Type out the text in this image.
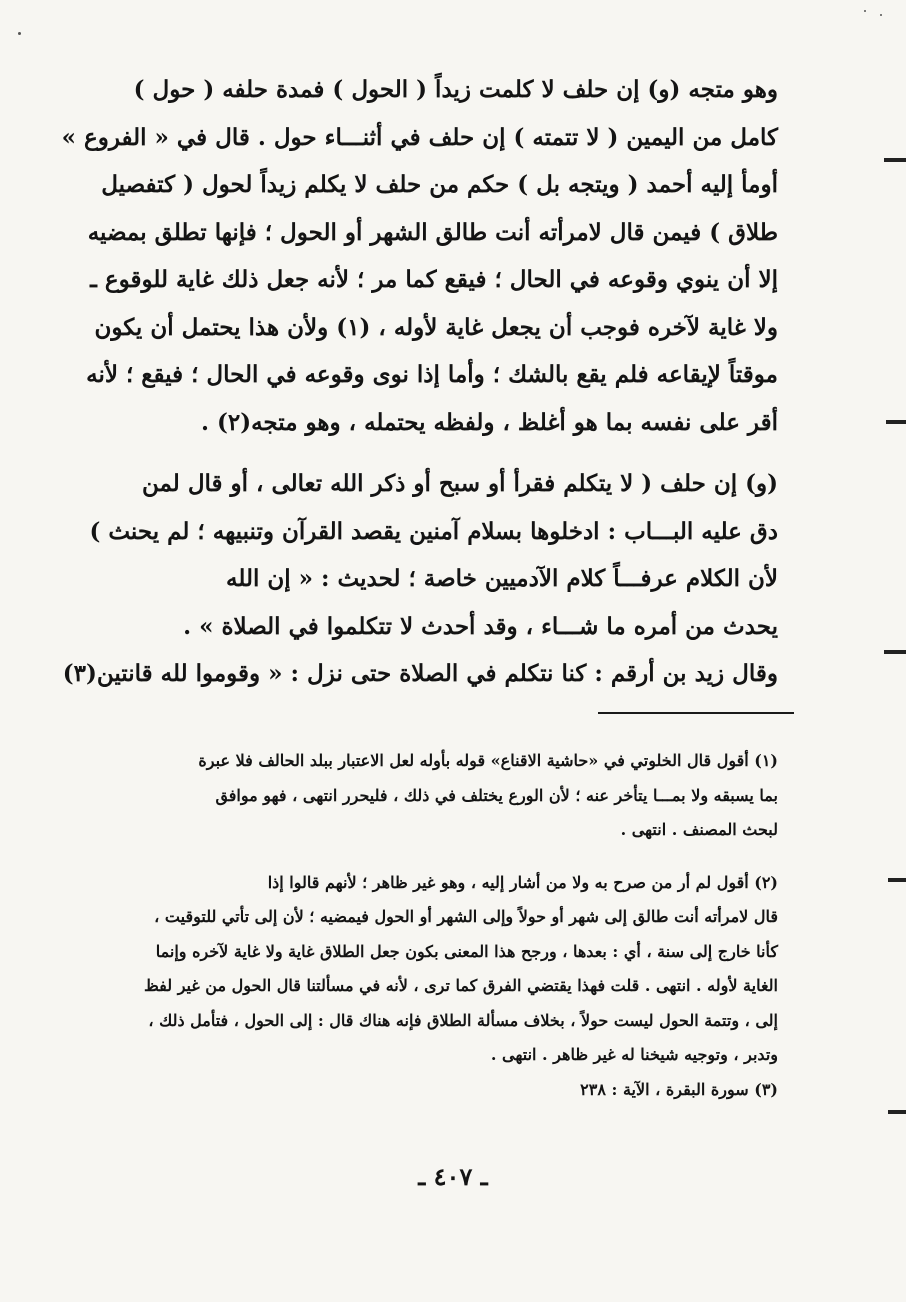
وهو متجه (و) إن حلف لا كلمت زيداً ( الحول ) فمدة حلفه ( حول )
كامل من اليمين ( لا تتمته ) إن حلف في أثنـــاء حول . قال في « الفروع »
أومأ إليه أحمد ( ويتجه بل ) حكم من حلف لا يكلم زيداً لحول ( كتفصيل
طلاق ) فيمن قال لامرأته أنت طالق الشهر أو الحول ؛ فإنها تطلق بمضيه
إلا أن ينوي وقوعه في الحال ؛ فيقع كما مر ؛ لأنه جعل ذلك غاية للوقوع ـ
ولا غاية لآخره فوجب أن يجعل غاية لأوله ، (١) ولأن هذا يحتمل أن يكون
موقتاً لإيقاعه فلم يقع بالشك ؛ وأما إذا نوى وقوعه في الحال ؛ فيقع ؛ لأنه
أقر على نفسه بما هو أغلظ ، ولفظه يحتمله ، وهو متجه(٢) .
(و) إن حلف ( لا يتكلم فقرأ أو سبح أو ذكر الله تعالى ، أو قال لمن
دق عليه البـــاب : ادخلوها بسلام آمنين يقصد القرآن وتنبيهه ؛ لم يحنث )
لأن الكلام عرفـــاً كلام الآدميين خاصة ؛ لحديث : « إن الله
يحدث من أمره ما شـــاء ، وقد أحدث لا تتكلموا في الصلاة » .
وقال زيد بن أرقم : كنا نتكلم في الصلاة حتى نزل : « وقوموا لله قانتين(٣)
(١) أقول قال الخلوتي في «حاشية الاقناع» قوله بأوله لعل الاعتبار ببلد الحالف فلا عبرة
بما يسبقه ولا بمـــا يتأخر عنه ؛ لأن الورع يختلف في ذلك ، فليحرر انتهى ، فهو موافق
لبحث المصنف . انتهى .
(٢) أقول لم أر من صرح به ولا من أشار إليه ، وهو غير ظاهر ؛ لأنهم قالوا إذا
قال لامرأته أنت طالق إلى شهر أو حولاً وإلى الشهر أو الحول فيمضيه ؛ لأن إلى تأتي للتوقيت ،
كأنا خارج إلى سنة ، أي : بعدها ، ورجح هذا المعنى بكون جعل الطلاق غاية ولا غاية لآخره وإنما
الغاية لأوله . انتهى . قلت فهذا يقتضي الفرق كما ترى ، لأنه في مسألتنا قال الحول من غير لفظ
إلى ، وتتمة الحول ليست حولاً ، بخلاف مسألة الطلاق فإنه هناك قال : إلى الحول ، فتأمل ذلك ،
وتدبر ، وتوجيه شيخنا له غير ظاهر . انتهى .
(٣) سورة البقرة ، الآية : ٢٣٨
ـ ٤٠٧ ـ
